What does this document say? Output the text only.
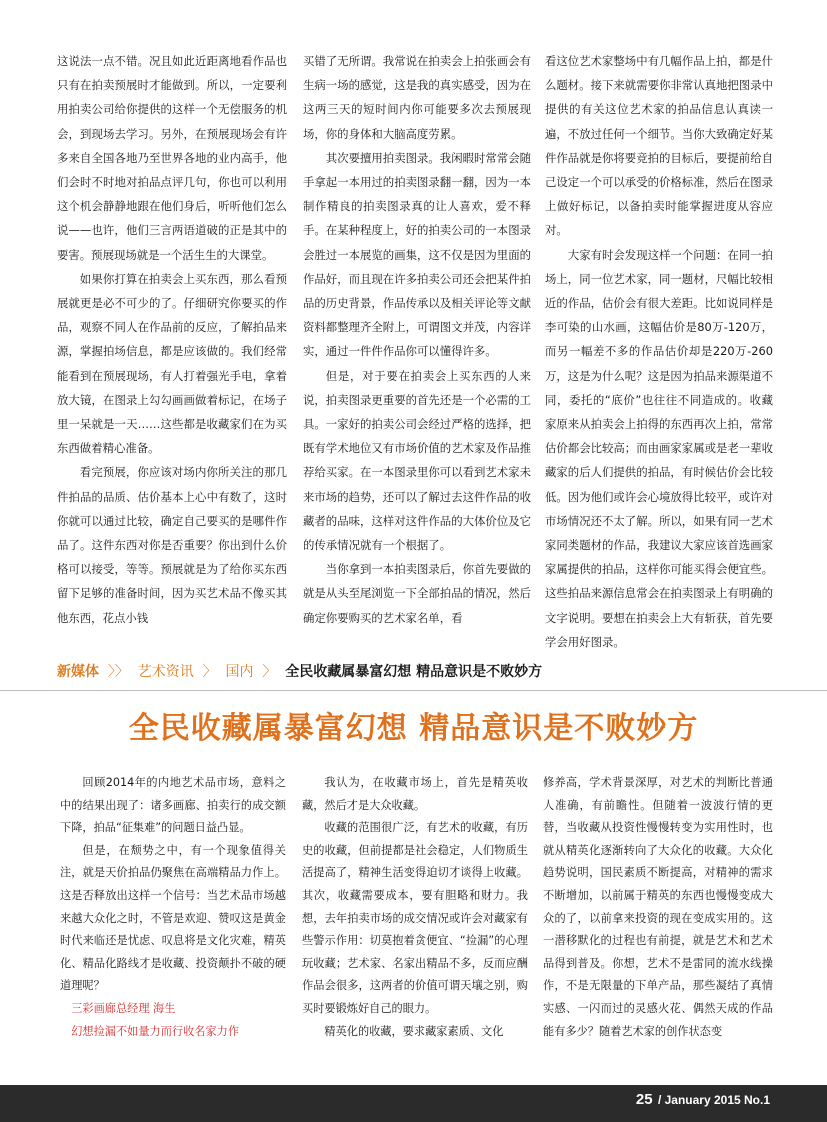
这说法一点不错。况且如此近距离地看作品也只有在拍卖预展时才能做到。所以，一定要利用拍卖公司给你提供的这样一个无偿服务的机会，到现场去学习。另外，在预展现场会有许多来自全国各地乃至世界各地的业内高手，他们会时不时地对拍品点评几句，你也可以利用这个机会静静地跟在他们身后，听听他们怎么说——也许，他们三言两语道破的正是其中的要害。预展现场就是一个活生生的大课堂。

如果你打算在拍卖会上买东西，那么看预展就更是必不可少的了。仔细研究你要买的作品，观察不同人在作品前的反应，了解拍品来源，掌握拍场信息，都是应该做的。我们经常能看到在预展现场，有人打着强光手电，拿着放大镜，在图录上勾勾画画做着标记，在场子里一呆就是一天……这些都是收藏家们在为买东西做着精心准备。

看完预展，你应该对场内你所关注的那几件拍品的品质、估价基本上心中有数了，这时你就可以通过比较，确定自己要买的是哪件作品了。这件东西对你是否重要？你出到什么价格可以接受，等等。预展就是为了给你买东西留下足够的准备时间，因为买艺术品不像买其他东西，花点小钱

买错了无所谓。我常说在拍卖会上拍张画会有生病一场的感觉，这是我的真实感受，因为在这两三天的短时间内你可能要多次去预展现场，你的身体和大脑高度劳累。

其次要擅用拍卖图录。我闲暇时常常会随手拿起一本用过的拍卖图录翻一翻，因为一本制作精良的拍卖图录真的让人喜欢，爱不释手。在某种程度上，好的拍卖公司的一本图录会胜过一本展览的画集，这不仅是因为里面的作品好，而且现在许多拍卖公司还会把某件拍品的历史背景，作品传承以及相关评论等文献资料都整理齐全附上，可谓图文并茂，内容详实，通过一件件作品你可以懂得许多。

但是，对于要在拍卖会上买东西的人来说，拍卖图录更重要的首先还是一个必需的工具。一家好的拍卖公司会经过严格的选择，把既有学术地位又有市场价值的艺术家及作品推荐给买家。在一本图录里你可以看到艺术家未来市场的趋势，还可以了解过去这件作品的收藏者的品味，这样对这件作品的大体价位及它的传承情况就有一个根据了。

当你拿到一本拍卖图录后，你首先要做的就是从头至尾浏览一下全部拍品的情况，然后确定你要购买的艺术家名单，看

看这位艺术家整场中有几幅作品上拍，都是什么题材。接下来就需要你非常认真地把图录中提供的有关这位艺术家的拍品信息认真读一遍，不放过任何一个细节。当你大致确定好某件作品就是你将要竞拍的目标后，要提前给自己设定一个可以承受的价格标准，然后在图录上做好标记，以备拍卖时能掌握进度从容应对。

大家有时会发现这样一个问题：在同一拍场上，同一位艺术家，同一题材，尺幅比较相近的作品，估价会有很大差距。比如说同样是李可染的山水画，这幅估价是80万-120万，而另一幅差不多的作品估价却是220万-260万，这是为什么呢？这是因为拍品来源渠道不同，委托的“底价”也往往不同造成的。收藏家原来从拍卖会上拍得的东西再次上拍，常常估价都会比较高；而由画家家属或是老一辈收藏家的后人们提供的拍品，有时候估价会比较低。因为他们或许会心境放得比较平，或许对市场情况还不太了解。所以，如果有同一艺术家同类题材的作品，我建议大家应该首选画家家属提供的拍品，这样你可能买得会便宜些。这些拍品来源信息常会在拍卖图录上有明确的文字说明。要想在拍卖会上大有斩获，首先要学会用好图录。

新媒体 〉〉 艺术资讯 〉 国内 〉 全民收藏属暴富幻想 精品意识是不败妙方
全民收藏属暴富幻想 精品意识是不败妙方

回顾2014年的内地艺术品市场，意料之中的结果出现了：诸多画廊、拍卖行的成交额下降，拍品“征集难”的问题日益凸显。

但是，在颓势之中，有一个现象值得关注，就是天价拍品仍聚焦在高端精品力作上。这是否释放出这样一个信号：当艺术品市场越来越大众化之时，不管是欢迎、赞叹这是黄金时代来临还是忧虑、叹息将是文化灾难，精英化、精品化路线才是收藏、投资颠扑不破的硬道理呢？

三彩画廊总经理 海生

幻想捡漏不如量力而行收名家力作

我认为，在收藏市场上，首先是精英收藏，然后才是大众收藏。

收藏的范围很广泛，有艺术的收藏，有历史的收藏，但前提都是社会稳定，人们物质生活提高了，精神生活变得迫切才谈得上收藏。其次，收藏需要成本，要有胆略和财力。我想，去年拍卖市场的成交情况或许会对藏家有些警示作用：切莫抱着贪便宜、“捡漏”的心理玩收藏；艺术家、名家出精品不多，反而应酬作品会很多，这两者的价值可谓天壤之别，购买时要锻炼好自己的眼力。

精英化的收藏，要求藏家素质、文化

修养高，学术背景深厚，对艺术的判断比普通人准确，有前瞻性。但随着一波波行情的更替，当收藏从投资性慢慢转变为实用性时，也就从精英化逐渐转向了大众化的收藏。大众化趋势说明，国民素质不断提高，对精神的需求不断增加，以前属于精英的东西也慢慢变成大众的了，以前拿来投资的现在变成实用的。这一潜移默化的过程也有前提，就是艺术和艺术品得到普及。你想，艺术不是雷同的流水线操作，不是无限量的下单产品，那些凝结了真情实感、一闪而过的灵感火花、偶然天成的作品能有多少？随着艺术家的创作状态变

25 / January 2015 No.1
